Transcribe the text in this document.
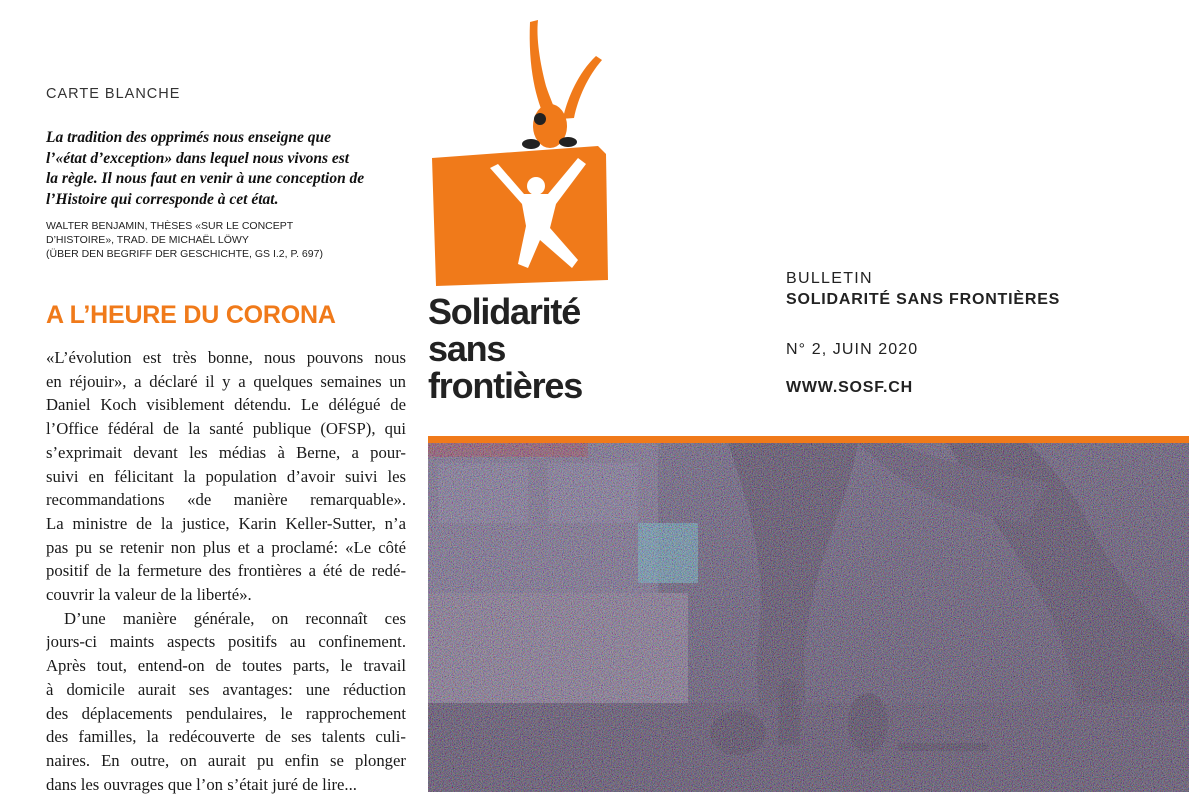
CARTE BLANCHE
La tradition des opprimés nous enseigne que
l’«état d’exception» dans lequel nous vivons est
la règle. Il nous faut en venir à une conception de
l’Histoire qui corresponde à cet état.
WALTER BENJAMIN, THÈSES «SUR LE CONCEPT
D’HISTOIRE», TRAD. DE MICHAËL LÖWY
(ÜBER DEN BEGRIFF DER GESCHICHTE, GS I.2, P. 697)
A L’HEURE DU CORONA
«L’évolution est très bonne, nous pouvons nous
en réjouir», a déclaré il y a quelques semaines un
Daniel Koch visiblement détendu. Le délégué de
l’Office fédéral de la santé publique (OFSP), qui
s’exprimait devant les médias à Berne, a pour-
suivi en félicitant la population d’avoir suivi les
recommandations «de manière remarquable».
La ministre de la justice, Karin Keller-Sutter, n’a
pas pu se retenir non plus et a proclamé: «Le côté
positif de la fermeture des frontières a été de redé-
couvrir la valeur de la liberté».
D’une manière générale, on reconnaît ces
jours-ci maints aspects positifs au confinement.
Après tout, entend-on de toutes parts, le travail
à domicile aurait ses avantages: une réduction
des déplacements pendulaires, le rapprochement
des familles, la redécouverte de ses talents culi-
naires. En outre, on aurait pu enfin se plonger
dans les ouvrages que l’on s’était juré de lire...
Solidarité
sans
frontières
BULLETIN
SOLIDARITÉ SANS FRONTIÈRES
N° 2, JUIN 2020
WWW.SOSF.CH
